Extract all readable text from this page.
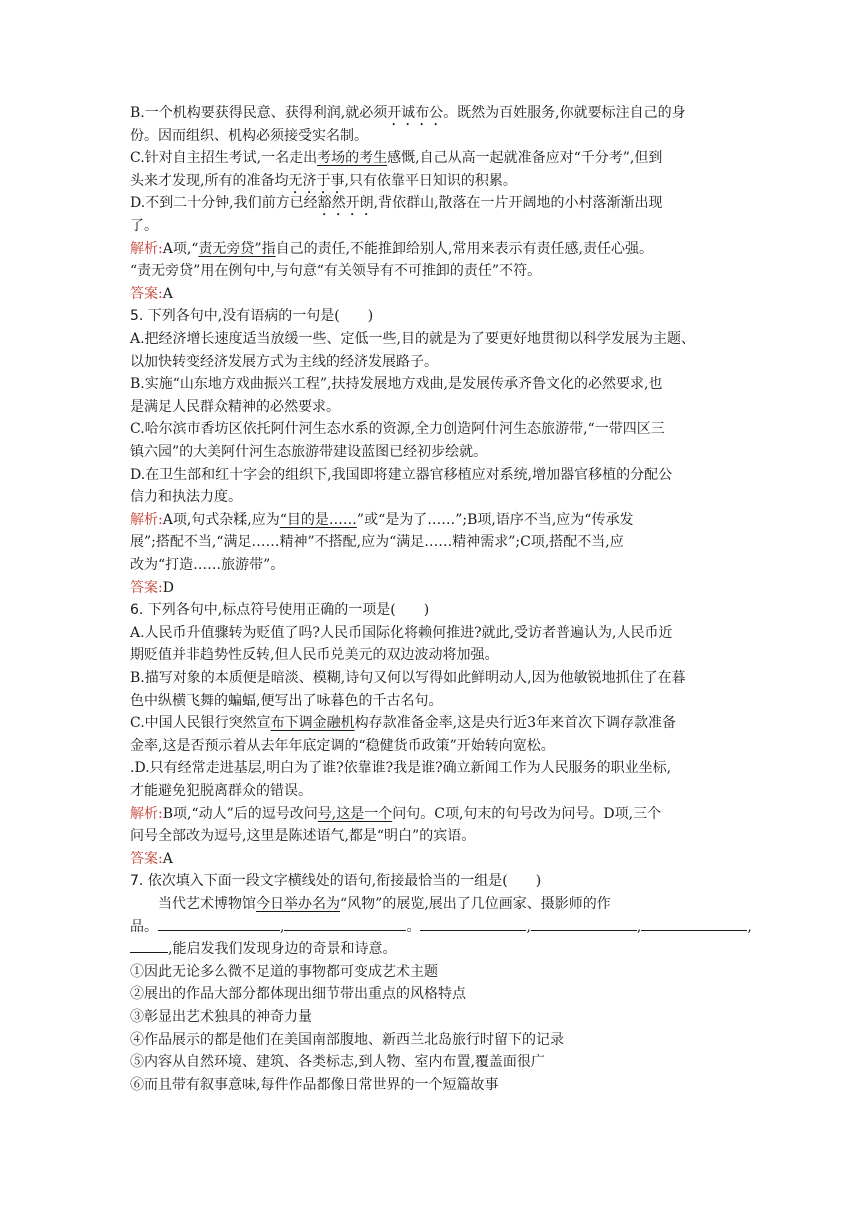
B.一个机构要获得民意、获得利润,就必须开诚布公。既然为百姓服务,你就要标注自己的身
份。因而组织、机构必须接受实名制。
C.针对自主招生考试,一名走出考场的考生感慨,自己从高一起就准备应对“千分考”,但到
头来才发现,所有的准备均无济于事,只有依靠平日知识的积累。
D.不到二十分钟,我们前方已经豁然开朗,背依群山,散落在一片开阔地的小村落渐渐出现
了。
解析:A项,“责无旁贷”指自己的责任,不能推卸给别人,常用来表示有责任感,责任心强。
“责无旁贷”用在例句中,与句意“有关领导有不可推卸的责任”不符。
答案:A
5. 下列各句中,没有语病的一句是(　　)
A.把经济增长速度适当放缓一些、定低一些,目的就是为了要更好地贯彻以科学发展为主题、
以加快转变经济发展方式为主线的经济发展路子。
B.实施“山东地方戏曲振兴工程”,扶持发展地方戏曲,是发展传承齐鲁文化的必然要求,也
是满足人民群众精神的必然要求。
C.哈尔滨市香坊区依托阿什河生态水系的资源,全力创造阿什河生态旅游带,“一带四区三
镇六园”的大美阿什河生态旅游带建设蓝图已经初步绘就。
D.在卫生部和红十字会的组织下,我国即将建立器官移植应对系统,增加器官移植的分配公
信力和执法力度。
解析:A项,句式杂糅,应为“目的是……”或“是为了……”;B项,语序不当,应为“传承发
展”;搭配不当,“满足……精神”不搭配,应为“满足……精神需求”;C项,搭配不当,应
改为“打造……旅游带”。
答案:D
6. 下列各句中,标点符号使用正确的一项是(　　)
A.人民币升值骤转为贬值了吗?人民币国际化将赖何推进?就此,受访者普遍认为,人民币近
期贬值并非趋势性反转,但人民币兑美元的双边波动将加强。
B.描写对象的本质便是暗淡、模糊,诗句又何以写得如此鲜明动人,因为他敏锐地抓住了在暮
色中纵横飞舞的蝙蝠,便写出了咏暮色的千古名句。
C.中国人民银行突然宣布下调金融机构存款准备金率,这是央行近3年来首次下调存款准备
金率,这是否预示着从去年年底定调的“稳健货币政策”开始转向宽松。
.D.只有经常走进基层,明白为了谁?依靠谁?我是谁?确立新闻工作为人民服务的职业坐标,
才能避免犯脱离群众的错误。
解析:B项,“动人”后的逗号改问号,这是一个问句。C项,句末的句号改为问号。D项,三个
问号全部改为逗号,这里是陈述语气,都是“明白”的宾语。
答案:A
7. 依次填入下面一段文字横线处的语句,衔接最恰当的一组是(　　)
当代艺术博物馆今日举办名为“风物”的展览,展出了几位画家、摄影师的作
品。	,	。	,	,	,
,能启发我们发现身边的奇景和诗意。
①因此无论多么微不足道的事物都可变成艺术主题
②展出的作品大部分都体现出细节带出重点的风格特点
③彰显出艺术独具的神奇力量
④作品展示的都是他们在美国南部腹地、新西兰北岛旅行时留下的记录
⑤内容从自然环境、建筑、各类标志,到人物、室内布置,覆盖面很广
⑥而且带有叙事意味,每件作品都像日常世界的一个短篇故事
